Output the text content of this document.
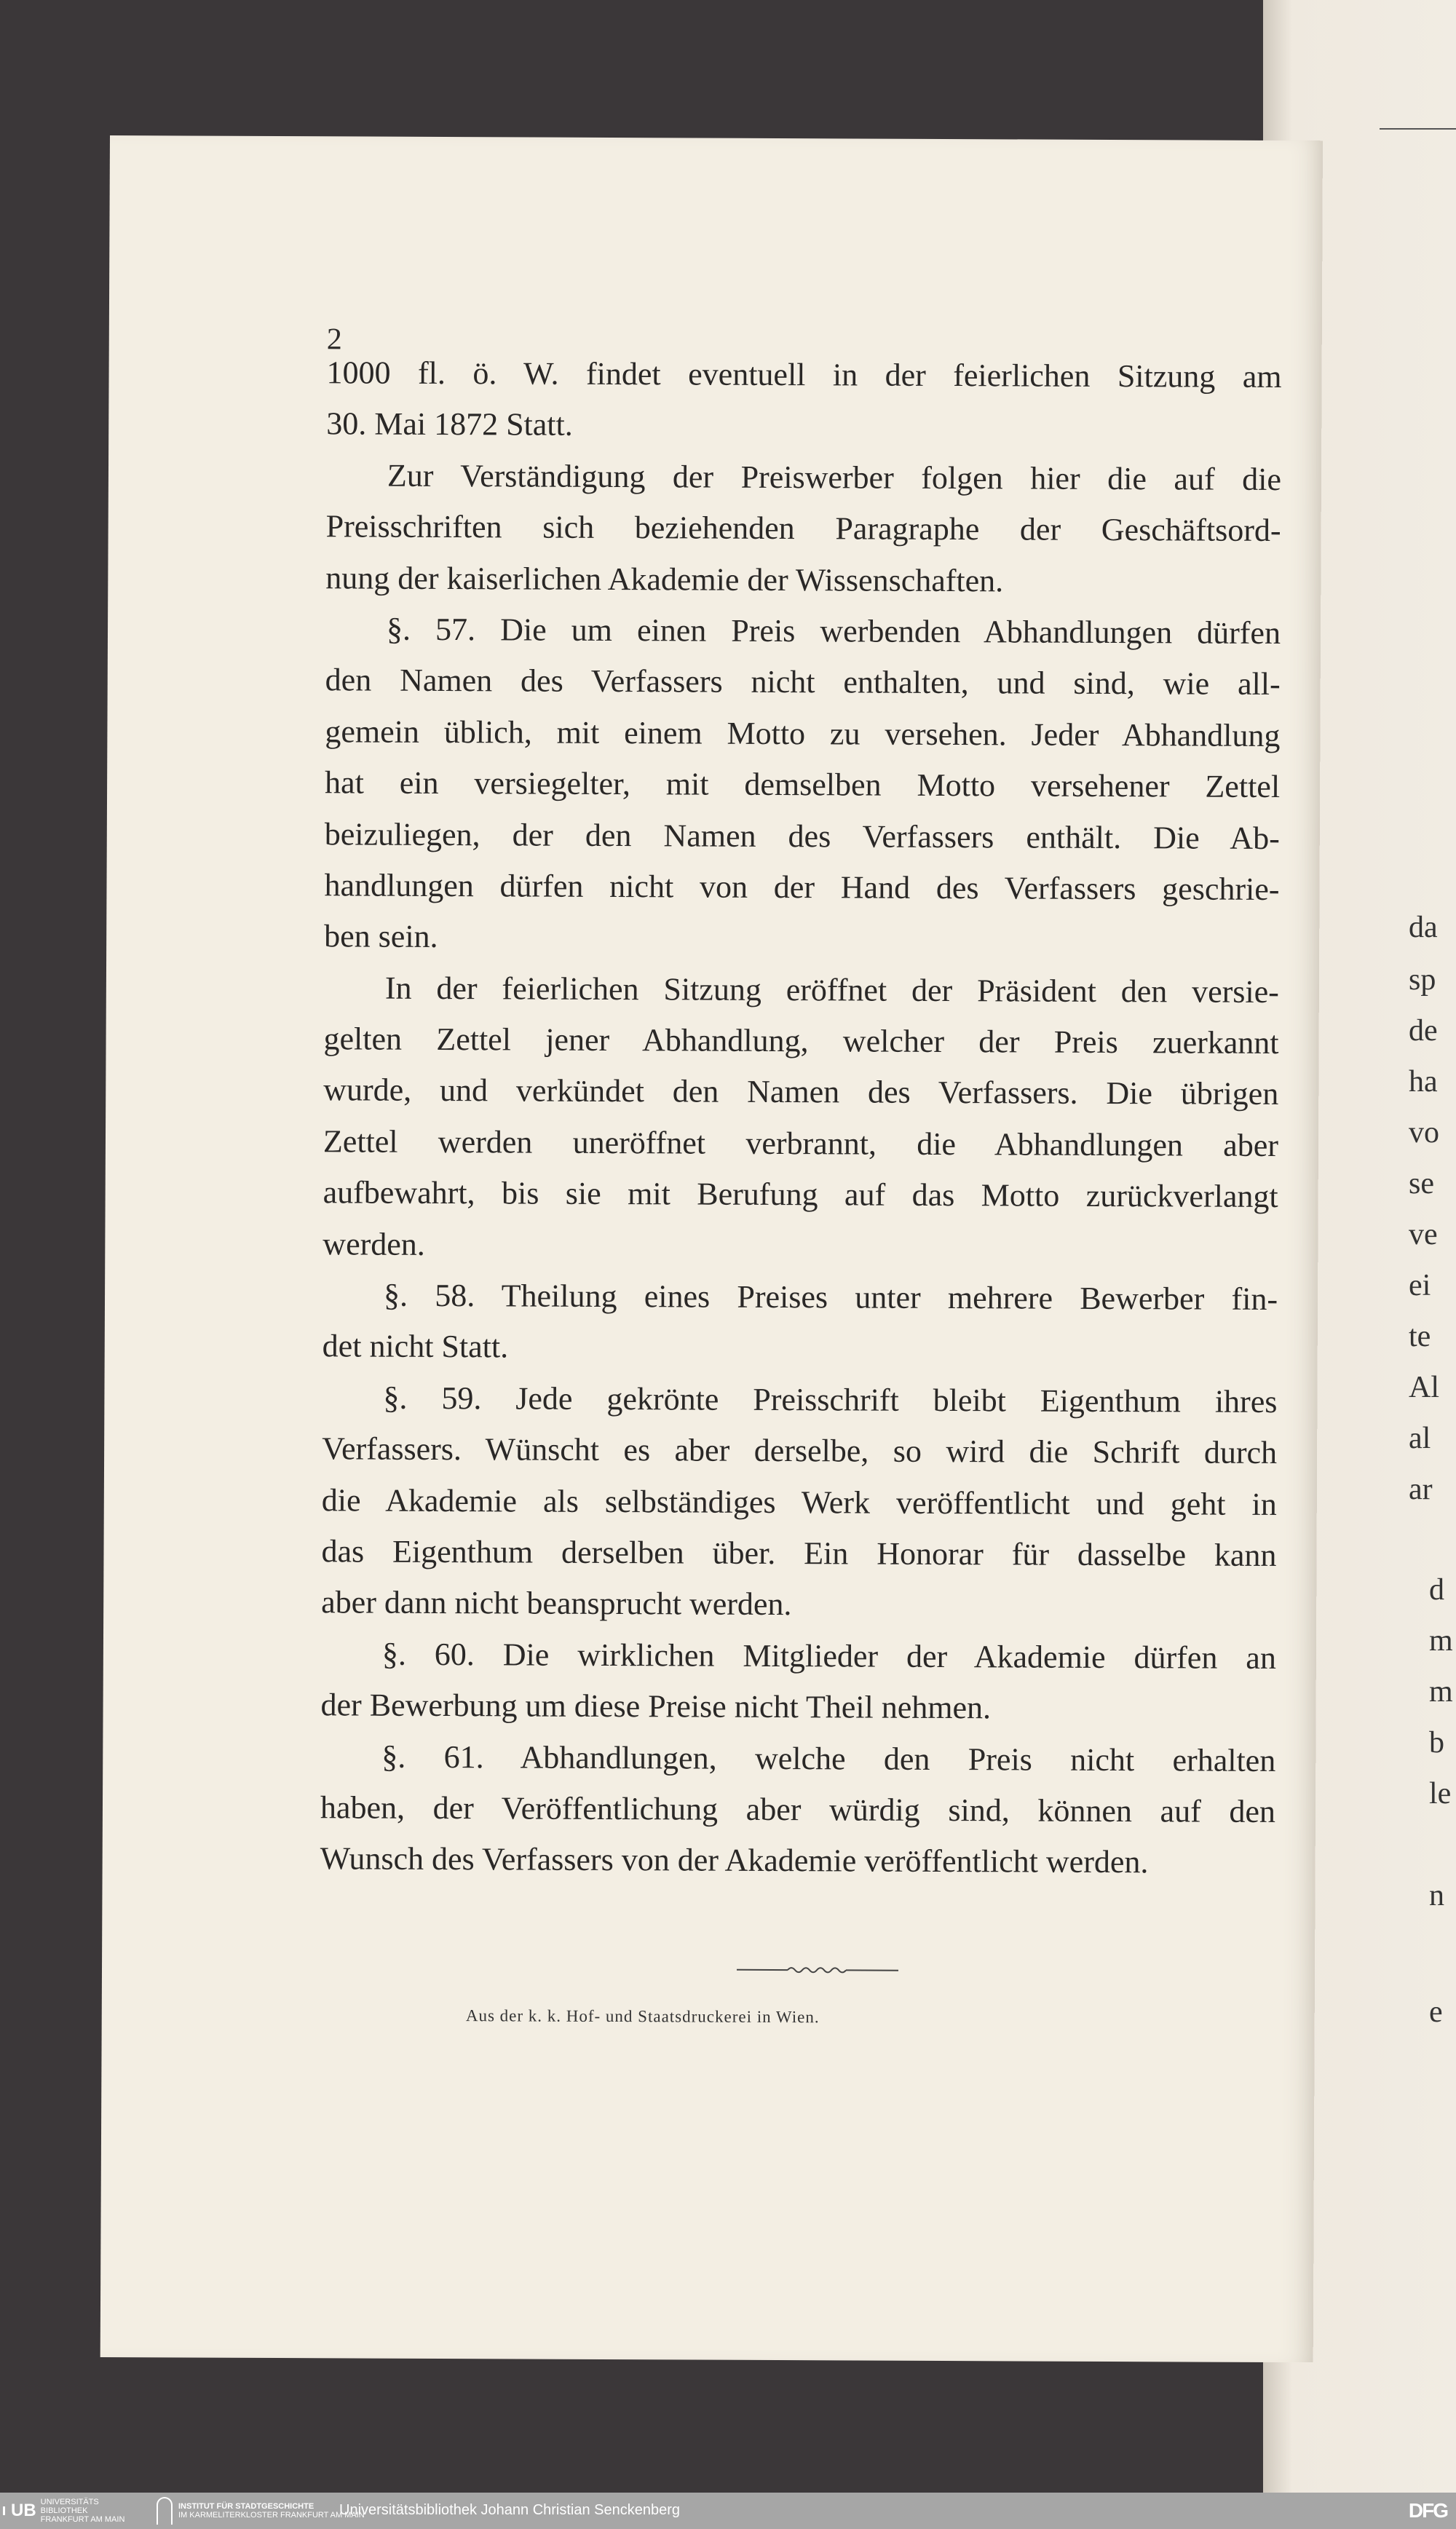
da
sp
de
ha
vo
se
ve
ei
te
Al
al
ar
d
m
m
b
le
n
e
2
1000 fl. ö. W. findet eventuell in der feierlichen Sitzung am
30. Mai 1872 Statt.
Zur Verständigung der Preiswerber folgen hier die auf die
Preisschriften sich beziehenden Paragraphe der Geschäftsord-
nung der kaiserlichen Akademie der Wissenschaften.
§. 57. Die um einen Preis werbenden Abhandlungen dürfen
den Namen des Verfassers nicht enthalten, und sind, wie all-
gemein üblich, mit einem Motto zu versehen. Jeder Abhandlung
hat ein versiegelter, mit demselben Motto versehener Zettel
beizuliegen, der den Namen des Verfassers enthält. Die Ab-
handlungen dürfen nicht von der Hand des Verfassers geschrie-
ben sein.
In der feierlichen Sitzung eröffnet der Präsident den versie-
gelten Zettel jener Abhandlung, welcher der Preis zuerkannt
wurde, und verkündet den Namen des Verfassers. Die übrigen
Zettel werden uneröffnet verbrannt, die Abhandlungen aber
aufbewahrt, bis sie mit Berufung auf das Motto zurückverlangt
werden.
§. 58. Theilung eines Preises unter mehrere Bewerber fin-
det nicht Statt.
§. 59. Jede gekrönte Preisschrift bleibt Eigenthum ihres
Verfassers. Wünscht es aber derselbe, so wird die Schrift durch
die Akademie als selbständiges Werk veröffentlicht und geht in
das Eigenthum derselben über. Ein Honorar für dasselbe kann
aber dann nicht beansprucht werden.
§. 60. Die wirklichen Mitglieder der Akademie dürfen an
der Bewerbung um diese Preise nicht Theil nehmen.
§. 61. Abhandlungen, welche den Preis nicht erhalten
haben, der Veröffentlichung aber würdig sind, können auf den
Wunsch des Verfassers von der Akademie veröffentlicht werden.
Aus der k. k. Hof- und Staatsdruckerei in Wien.
UB UNIVERSITÄTS BIBLIOTHEK
FRANKFURT AM MAIN
INSTITUT FÜR STADTGESCHICHTE
IM KARMELITERKLOSTER FRANKFURT AM MAIN
Universitätsbibliothek Johann Christian Senckenberg	DFG
